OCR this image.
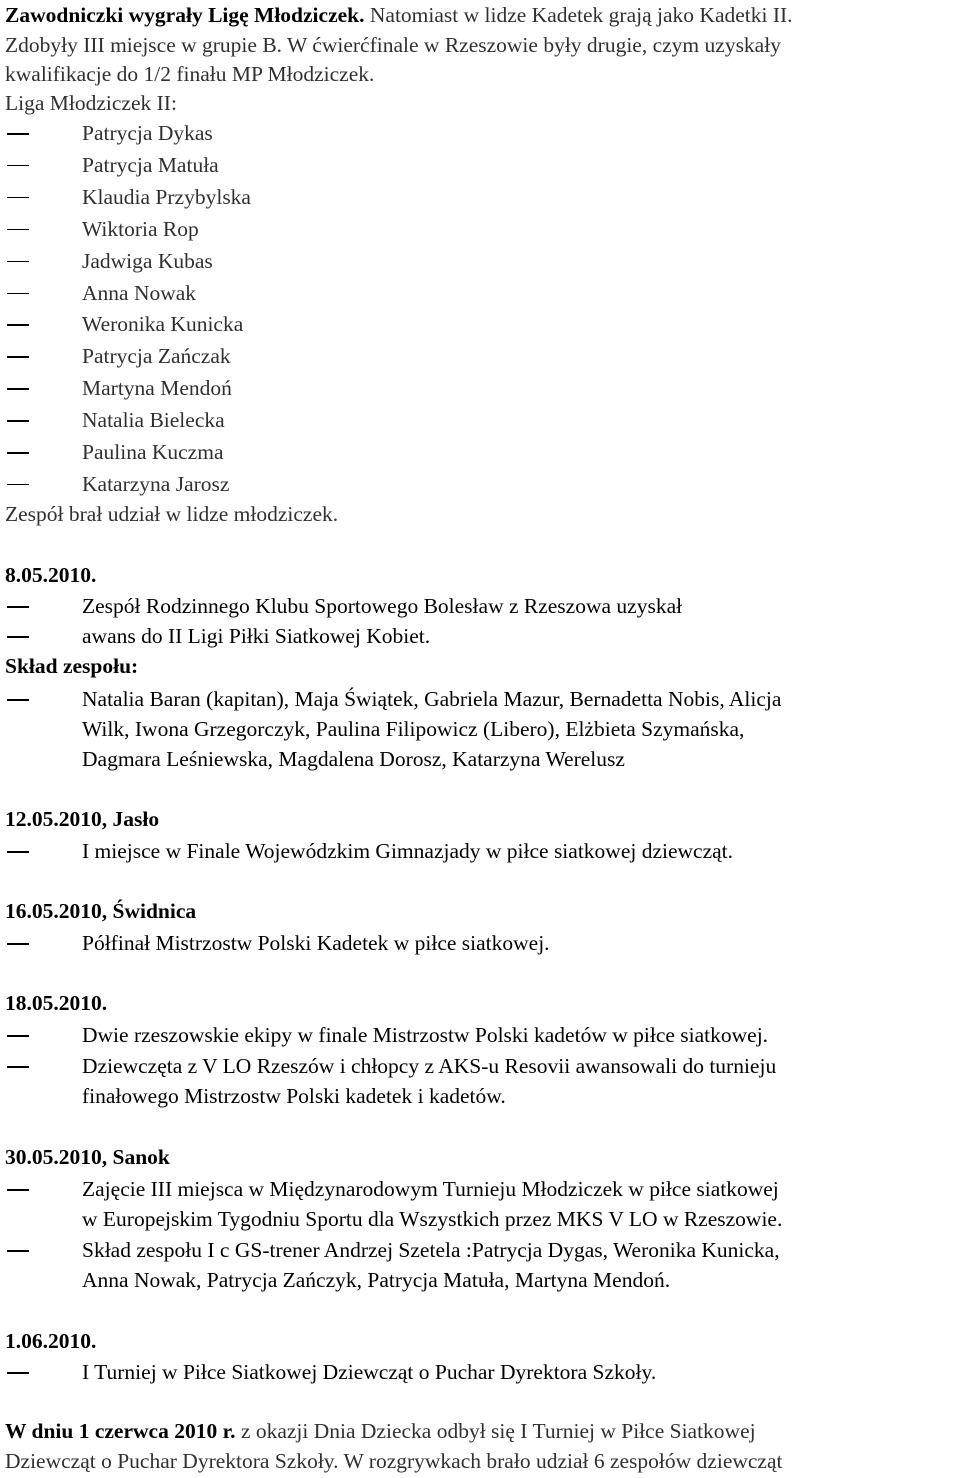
Zawodniczki wygrały Ligę Młodziczek. Natomiast w lidze Kadetek grają jako Kadetki II.
Zdobyły III miejsce w grupie B. W ćwierćfinale w Rzeszowie były drugie, czym uzyskały
kwalifikacje do 1/2 finału MP Młodziczek.
Liga Młodziczek II:
Patrycja Dykas
Patrycja Matuła
Klaudia Przybylska
Wiktoria Rop
Jadwiga Kubas
Anna Nowak
Weronika Kunicka
Patrycja Zańczak
Martyna Mendoń
Natalia Bielecka
Paulina Kuczma
Katarzyna Jarosz
Zespół brał udział w lidze młodziczek.
8.05.2010.
Zespół Rodzinnego Klubu Sportowego Bolesław z Rzeszowa uzyskał
awans do II Ligi Piłki Siatkowej Kobiet.
Skład zespołu:
Natalia Baran (kapitan), Maja Świątek, Gabriela Mazur, Bernadetta Nobis, Alicja
Wilk, Iwona Grzegorczyk, Paulina Filipowicz (Libero), Elżbieta Szymańska,
Dagmara Leśniewska, Magdalena Dorosz, Katarzyna Werelusz
12.05.2010, Jasło
I miejsce w Finale Wojewódzkim Gimnazjady w piłce siatkowej dziewcząt.
16.05.2010, Świdnica
Półfinał Mistrzostw Polski Kadetek w piłce siatkowej.
18.05.2010.
Dwie rzeszowskie ekipy w finale Mistrzostw Polski kadetów w piłce siatkowej.
Dziewczęta z V LO Rzeszów i chłopcy z AKS-u Resovii awansowali do turnieju
finałowego Mistrzostw Polski kadetek i kadetów.
30.05.2010, Sanok
Zajęcie III miejsca w Międzynarodowym Turnieju Młodziczek w piłce siatkowej
w Europejskim Tygodniu Sportu dla Wszystkich przez MKS V LO w Rzeszowie.
Skład zespołu I c GS-trener Andrzej Szetela :Patrycja Dygas, Weronika Kunicka,
Anna Nowak, Patrycja Zańczyk, Patrycja Matuła, Martyna Mendoń.
1.06.2010.
I Turniej w Piłce Siatkowej Dziewcząt o Puchar Dyrektora Szkoły.
W dniu 1 czerwca 2010 r. z okazji Dnia Dziecka odbył się I Turniej w Piłce Siatkowej
Dziewcząt o Puchar Dyrektora Szkoły. W rozgrywkach brało udział 6 zespołów dziewcząt
